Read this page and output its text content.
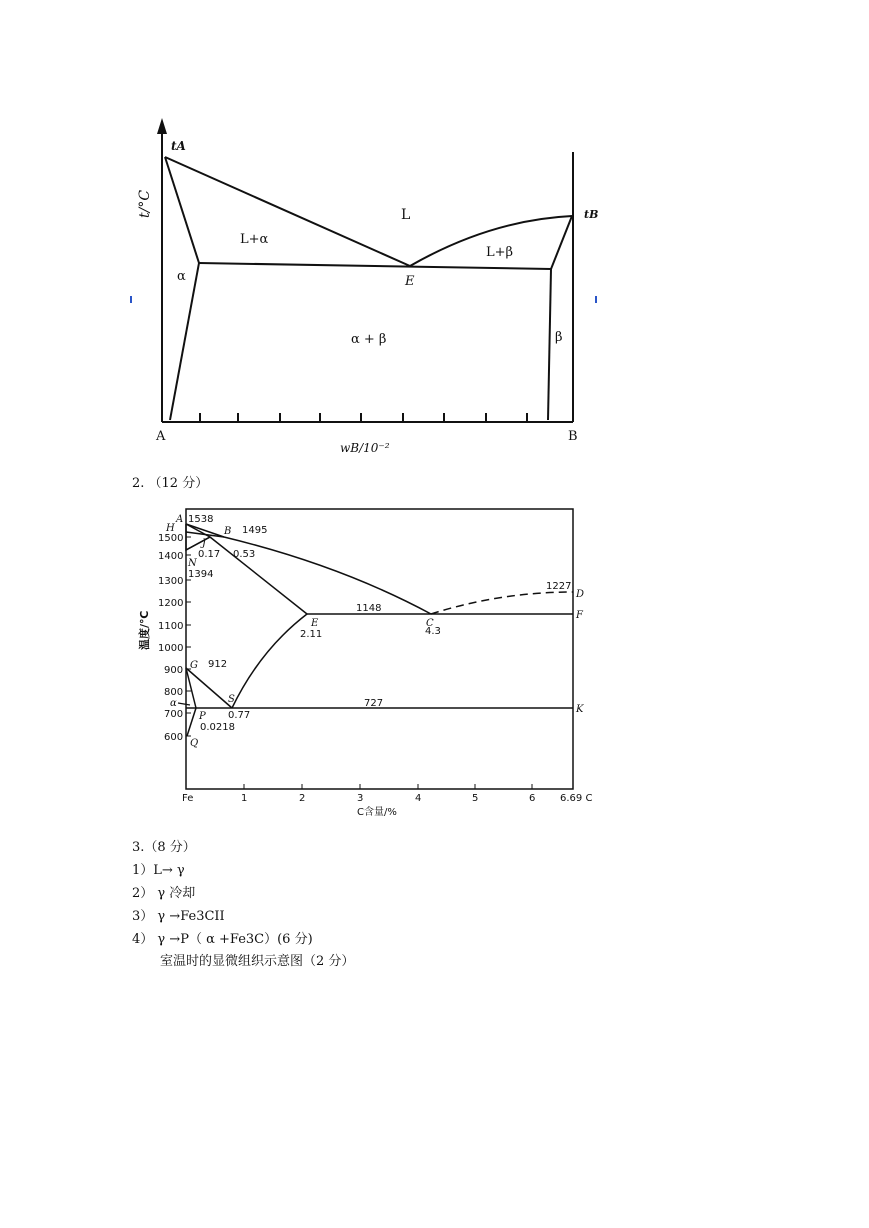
t/°C
tA
tB
L
L+α
L+β
α
α + β	β
E
A	B
wB/10⁻²
2. （12 分）
1500
1400
1300
1200
1100
1000
900
800
700
600
α
Fe	1	2	3	4	5	6 6.69 C
C含量/%
温度/℃
A
H
J
B
N
E	C
D
F
G
S
P
Q
K
1538
1495
0.17 0.53
1394
1148
1227
2.11	4.3
912
0.77
727
0.0218
3.（8 分）
1）L→ γ
2） γ 冷却
3） γ →Fe3CII
4） γ →P（ α +Fe3C）(6 分)
室温时的显微组织示意图（2 分）
